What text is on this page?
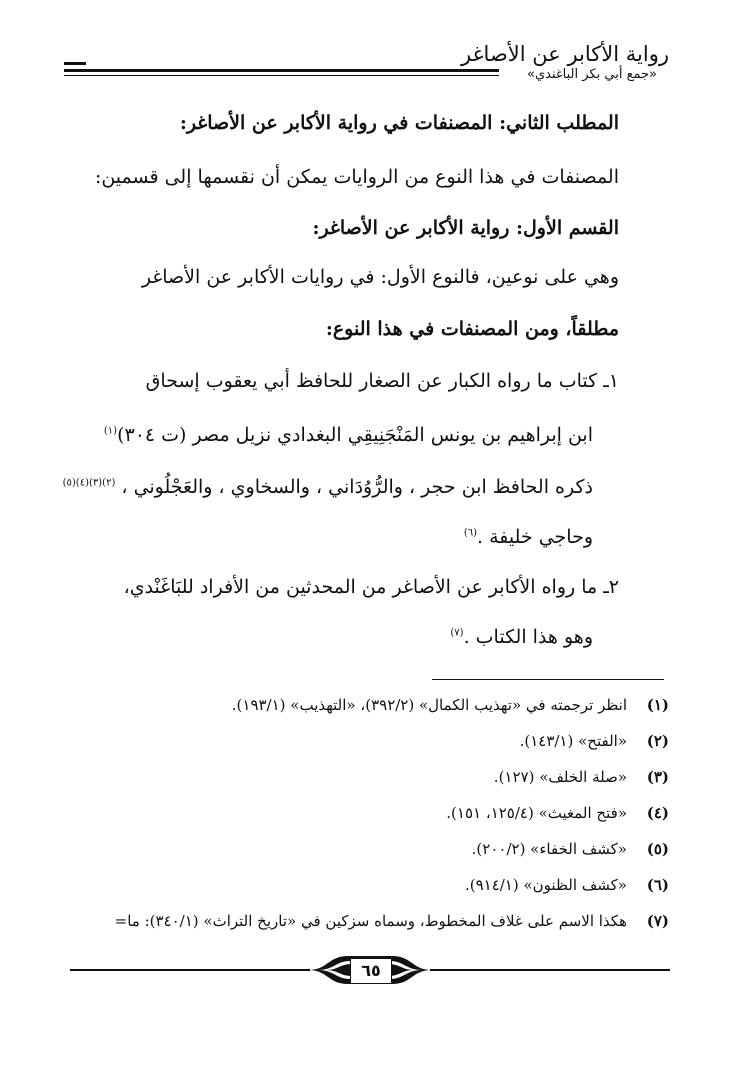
رواية الأكابر عن الأصاغر
«جمع أبي بكر الباغندي»
المطلب الثاني: المصنفات في رواية الأكابر عن الأصاغر:
المصنفات في هذا النوع من الروايات يمكن أن نقسمها إلى قسمين:
القسم الأول: رواية الأكابر عن الأصاغر:
وهي على نوعين، فالنوع الأول: في روايات الأكابر عن الأصاغر
مطلقاً، ومن المصنفات في هذا النوع:
١ـ كتاب ما رواه الكبار عن الصغار للحافظ أبي يعقوب إسحاق
ابن إبراهيم بن يونس المَنْجَنِيقِي البغدادي نزيل مصر (ت ٣٠٤)$^{(١)}$
ذكره الحافظ ابن حجر ، والرُّوُدَاني ، والسخاوي ، والعَجْلُوني ، $^{(٢)(٣)(٤)(٥)}$
وحاجي خليفة .$^{(٦)}$
٢ـ ما رواه الأكابر عن الأصاغر من المحدثين من الأفراد للبَاغَنْدي،
وهو هذا الكتاب .$^{(٧)}$
(١)انظر ترجمته في «تهذيب الكمال» (٣٩٢/٢)، «التهذيب» (١٩٣/١).
(٢)«الفتح» (١٤٣/١).
(٣)«صلة الخلف» (١٢٧).
(٤)«فتح المغيث» (١٢٥/٤، ١٥١).
(٥)«كشف الخفاء» (٢٠٠/٢).
(٦)«كشف الظنون» (٩١٤/١).
(٧)هكذا الاسم على غلاف المخطوط، وسماه سزكين في «تاريخ التراث» (٣٤٠/١): ما=
٦٥
